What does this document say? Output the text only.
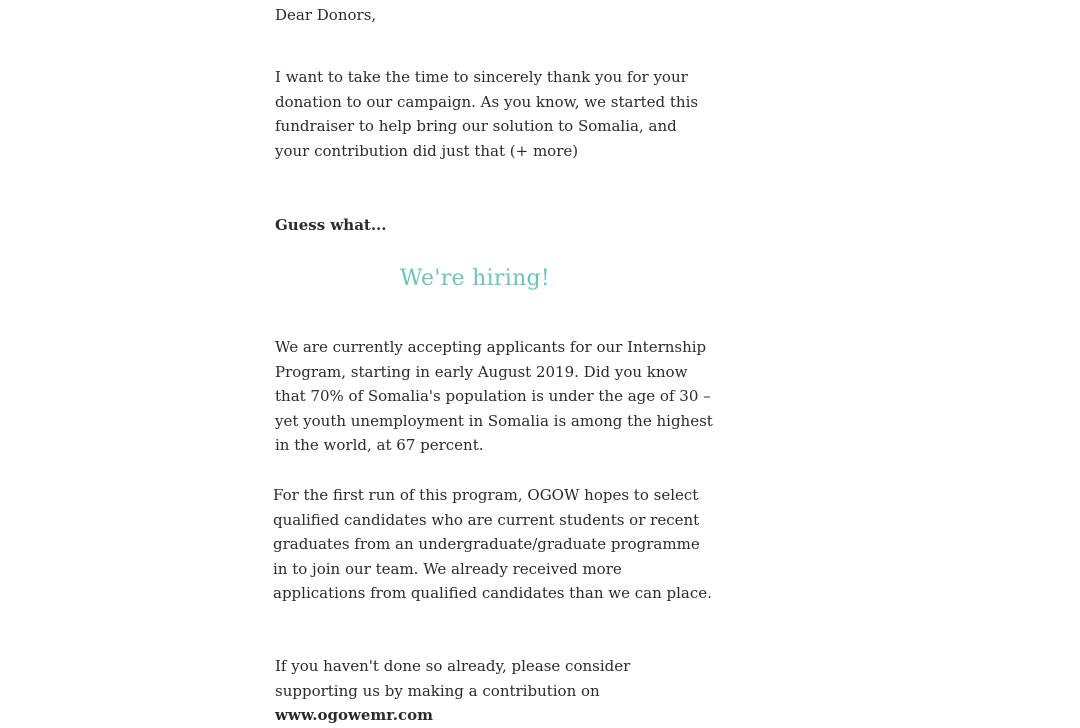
Dear Donors,

I want to take the time to sincerely thank you for your donation to our campaign. As you know, we started this fundraiser to help bring our solution to Somalia, and your contribution did just that (+ more)

Guess what...

We're hiring!

We are currently accepting applicants for our Internship Program, starting in early August 2019. Did you know that 70% of Somalia's population is under the age of 30 – yet youth unemployment in Somalia is among the highest in the world, at 67 percent.

For the first run of this program, OGOW hopes to select qualified candidates who are current students or recent graduates from an undergraduate/graduate programme in to join our team. We already received more applications from qualified candidates than we can place.

If you haven't done so already, please consider supporting us by making a contribution on www.ogowemr.com
